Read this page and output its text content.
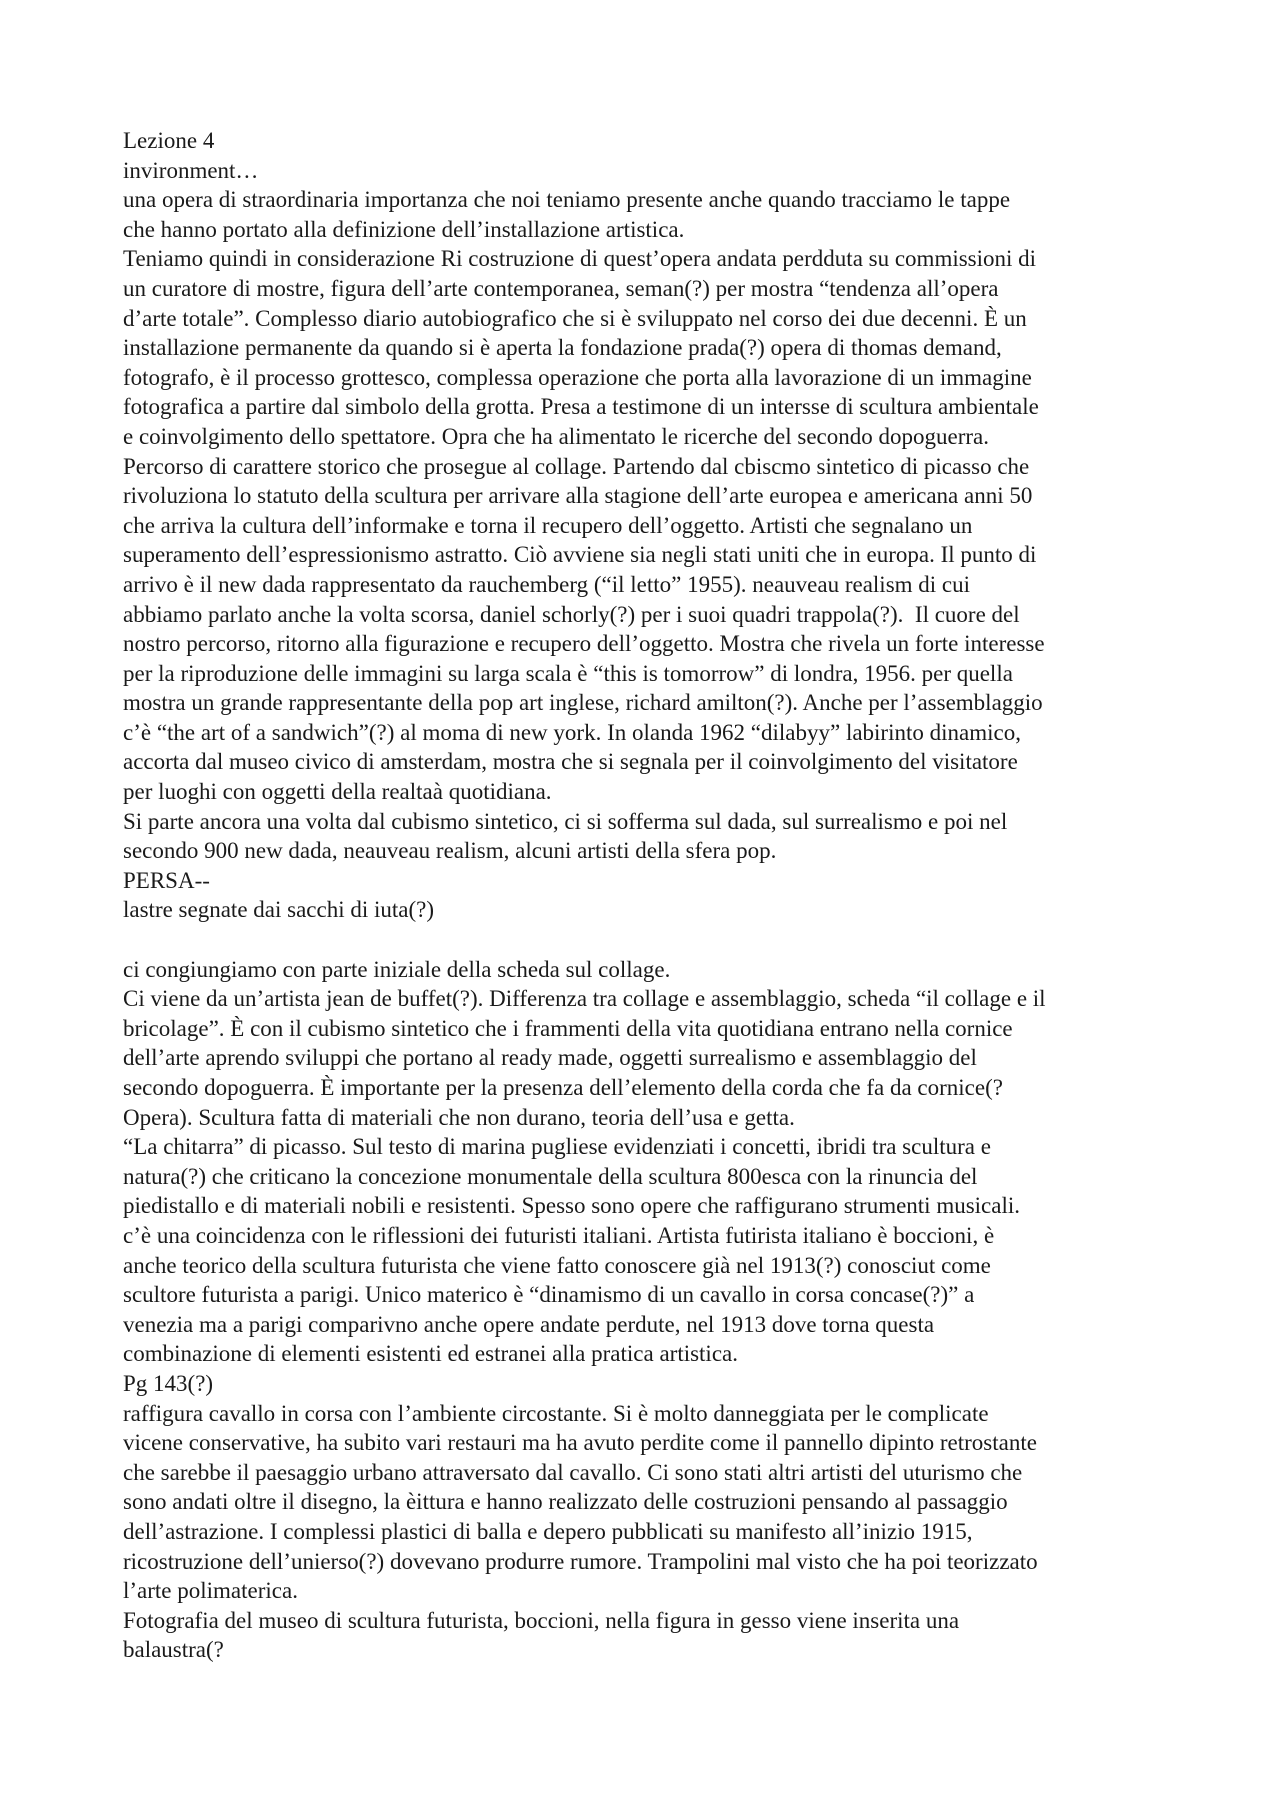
Lezione 4
invironment…
una opera di straordinaria importanza che noi teniamo presente anche quando tracciamo le tappe
che hanno portato alla definizione dell’installazione artistica.
Teniamo quindi in considerazione Ri costruzione di quest’opera andata perdduta su commissioni di
un curatore di mostre, figura dell’arte contemporanea, seman(?) per mostra “tendenza all’opera
d’arte totale”. Complesso diario autobiografico che si è sviluppato nel corso dei due decenni. È un
installazione permanente da quando si è aperta la fondazione prada(?) opera di thomas demand,
fotografo, è il processo grottesco, complessa operazione che porta alla lavorazione di un immagine
fotografica a partire dal simbolo della grotta. Presa a testimone di un intersse di scultura ambientale
e coinvolgimento dello spettatore. Opra che ha alimentato le ricerche del secondo dopoguerra.
Percorso di carattere storico che prosegue al collage. Partendo dal cbiscmo sintetico di picasso che
rivoluziona lo statuto della scultura per arrivare alla stagione dell’arte europea e americana anni 50
che arriva la cultura dell’informake e torna il recupero dell’oggetto. Artisti che segnalano un
superamento dell’espressionismo astratto. Ciò avviene sia negli stati uniti che in europa. Il punto di
arrivo è il new dada rappresentato da rauchemberg (“il letto” 1955). neauveau realism di cui
abbiamo parlato anche la volta scorsa, daniel schorly(?) per i suoi quadri trappola(?).  Il cuore del
nostro percorso, ritorno alla figurazione e recupero dell’oggetto. Mostra che rivela un forte interesse
per la riproduzione delle immagini su larga scala è “this is tomorrow” di londra, 1956. per quella
mostra un grande rappresentante della pop art inglese, richard amilton(?). Anche per l’assemblaggio
c’è “the art of a sandwich”(?) al moma di new york. In olanda 1962 “dilabyy” labirinto dinamico,
accorta dal museo civico di amsterdam, mostra che si segnala per il coinvolgimento del visitatore
per luoghi con oggetti della realtaà quotidiana.
Si parte ancora una volta dal cubismo sintetico, ci si sofferma sul dada, sul surrealismo e poi nel
secondo 900 new dada, neauveau realism, alcuni artisti della sfera pop.
PERSA--
lastre segnate dai sacchi di iuta(?)
ci congiungiamo con parte iniziale della scheda sul collage.
Ci viene da un’artista jean de buffet(?). Differenza tra collage e assemblaggio, scheda “il collage e il
bricolage”. È con il cubismo sintetico che i frammenti della vita quotidiana entrano nella cornice
dell’arte aprendo sviluppi che portano al ready made, oggetti surrealismo e assemblaggio del
secondo dopoguerra. È importante per la presenza dell’elemento della corda che fa da cornice(?
Opera). Scultura fatta di materiali che non durano, teoria dell’usa e getta.
“La chitarra” di picasso. Sul testo di marina pugliese evidenziati i concetti, ibridi tra scultura e
natura(?) che criticano la concezione monumentale della scultura 800esca con la rinuncia del
piedistallo e di materiali nobili e resistenti. Spesso sono opere che raffigurano strumenti musicali.
c’è una coincidenza con le riflessioni dei futuristi italiani. Artista futirista italiano è boccioni, è
anche teorico della scultura futurista che viene fatto conoscere già nel 1913(?) conosciut come
scultore futurista a parigi. Unico materico è “dinamismo di un cavallo in corsa concase(?)” a
venezia ma a parigi comparivno anche opere andate perdute, nel 1913 dove torna questa
combinazione di elementi esistenti ed estranei alla pratica artistica.
Pg 143(?)
raffigura cavallo in corsa con l’ambiente circostante. Si è molto danneggiata per le complicate
vicene conservative, ha subito vari restauri ma ha avuto perdite come il pannello dipinto retrostante
che sarebbe il paesaggio urbano attraversato dal cavallo. Ci sono stati altri artisti del uturismo che
sono andati oltre il disegno, la èittura e hanno realizzato delle costruzioni pensando al passaggio
dell’astrazione. I complessi plastici di balla e depero pubblicati su manifesto all’inizio 1915,
ricostruzione dell’unierso(?) dovevano produrre rumore. Trampolini mal visto che ha poi teorizzato
l’arte polimaterica.
Fotografia del museo di scultura futurista, boccioni, nella figura in gesso viene inserita una
balaustra(?
